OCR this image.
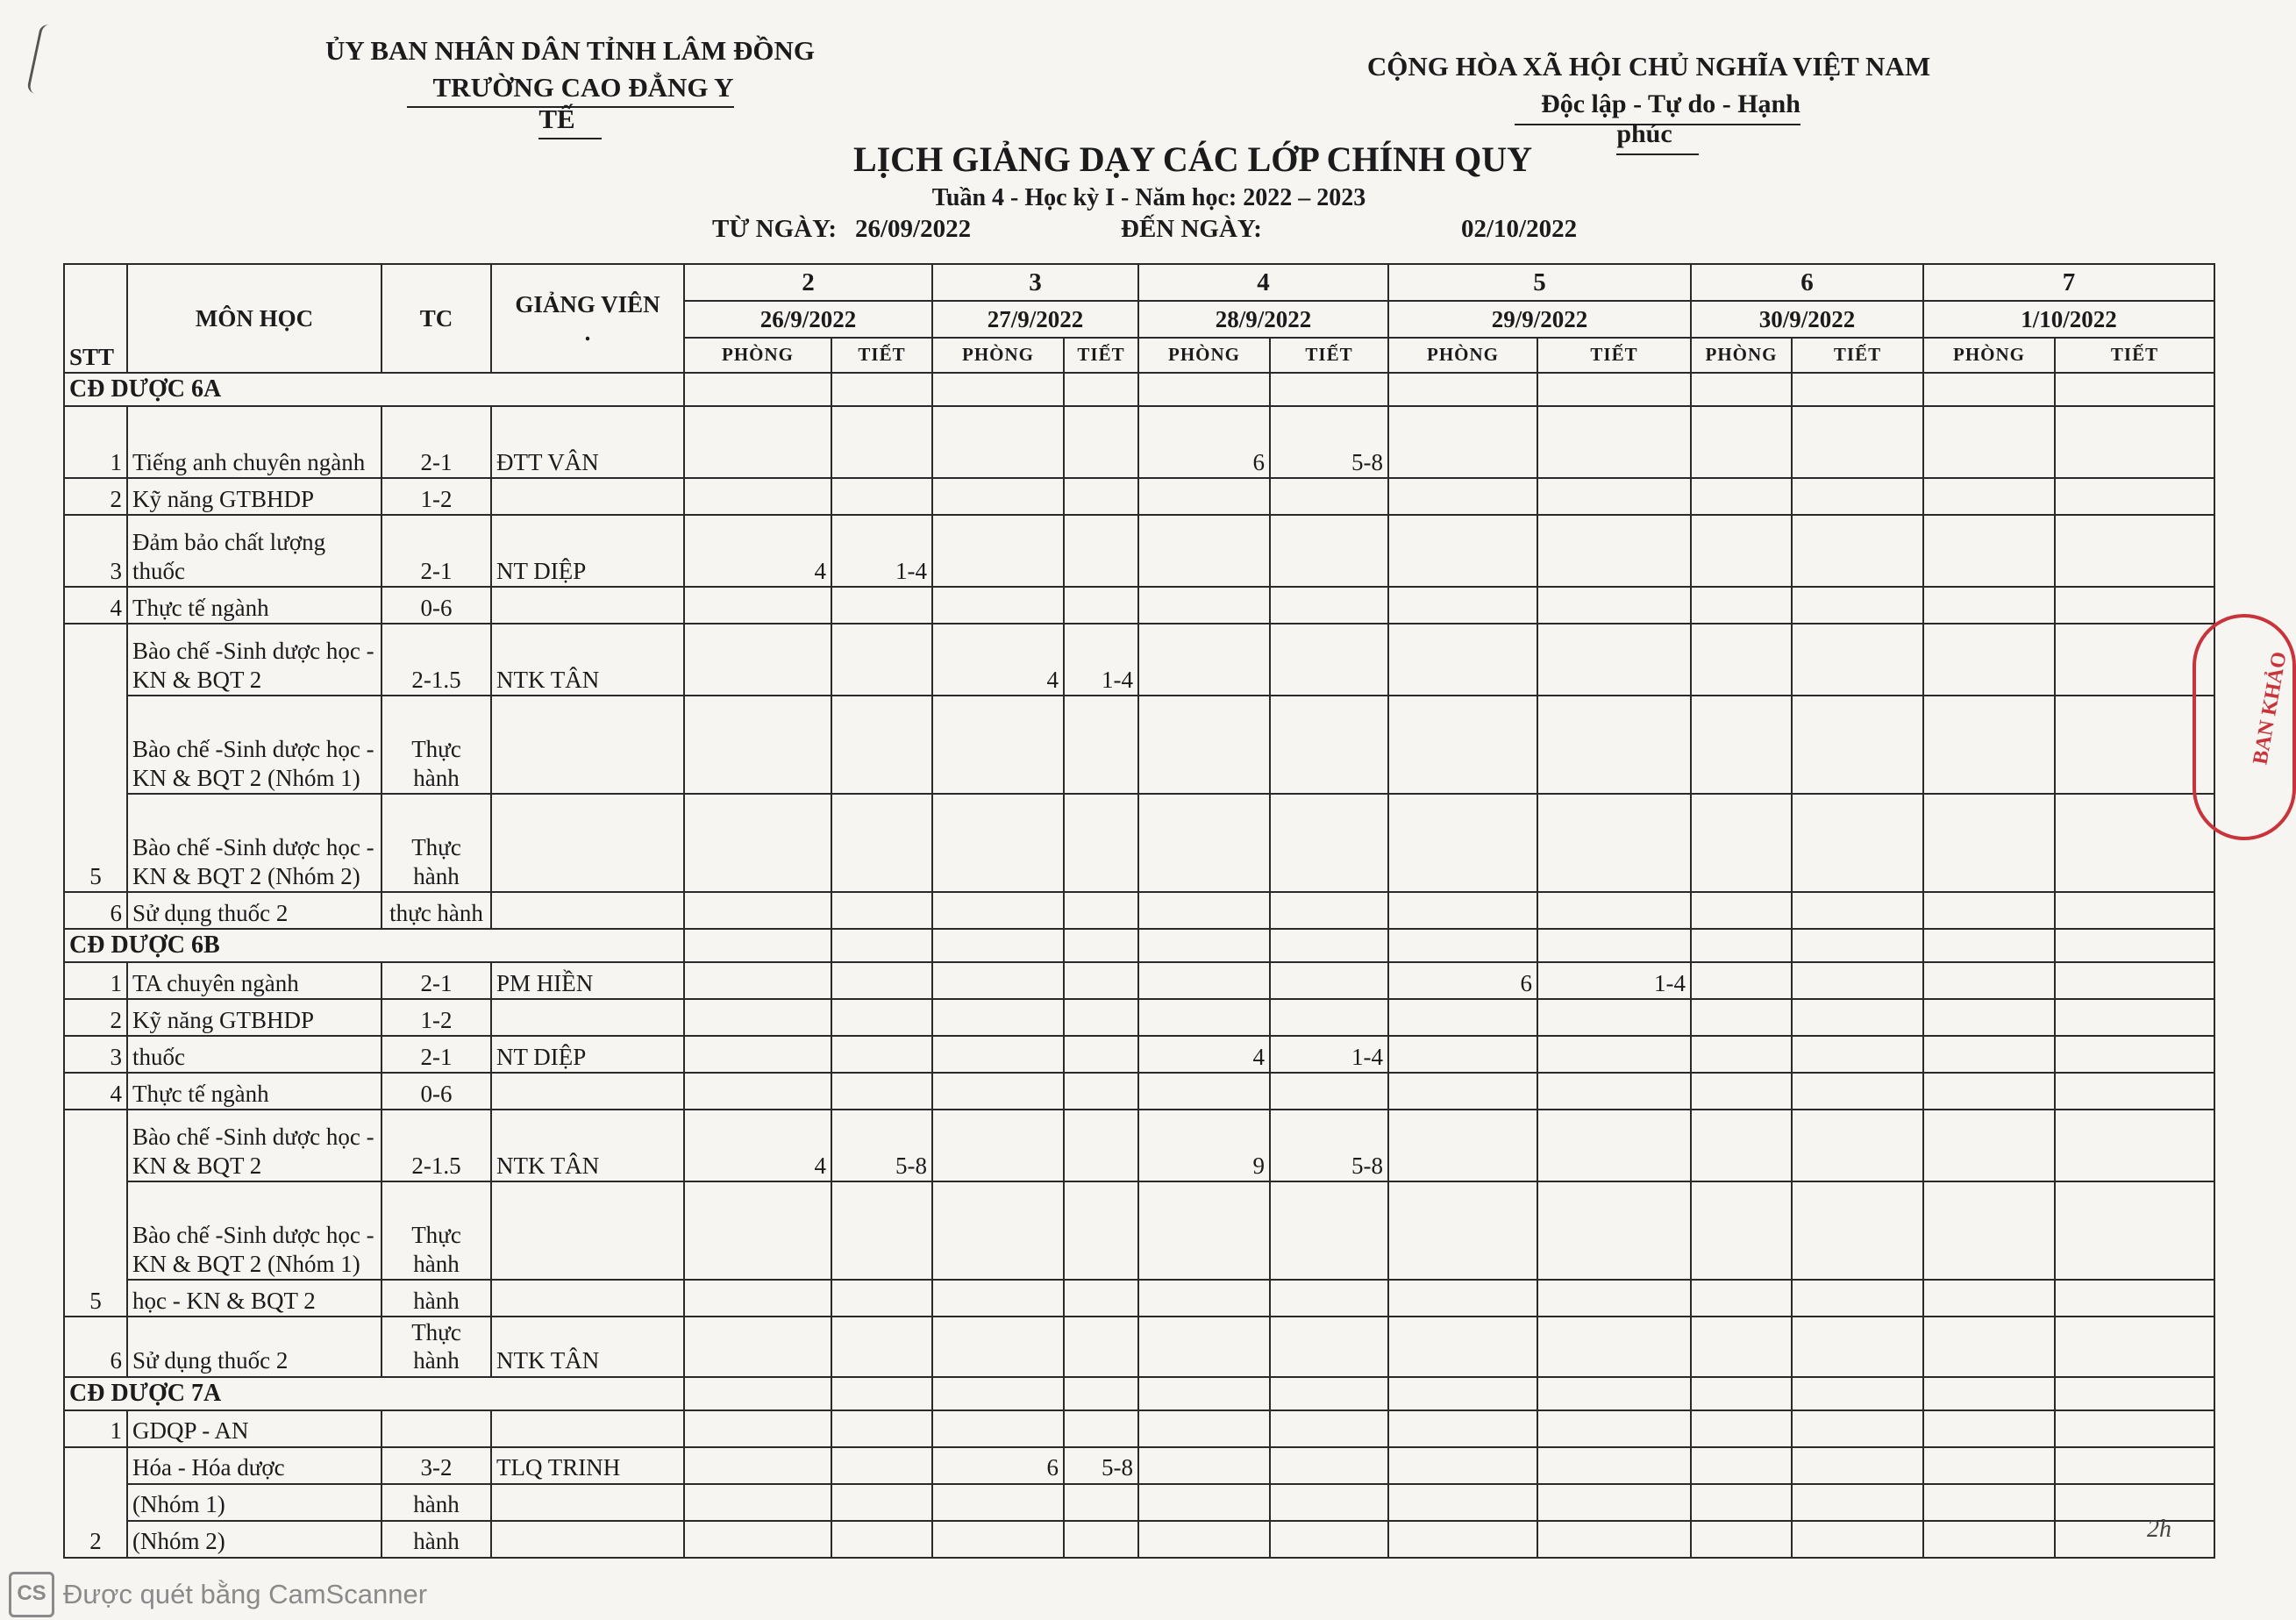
ỦY BAN NHÂN DÂN TỈNH LÂM ĐỒNG
TRƯỜNG CAO ĐẲNG Y TẾ
CỘNG HÒA XÃ HỘI CHỦ NGHĨA VIỆT NAM
Độc lập - Tự do - Hạnh phúc
LỊCH GIẢNG DẠY CÁC LỚP CHÍNH QUY
Tuần 4 - Học kỳ I - Năm học: 2022 – 2023
TỪ NGÀY: 26/09/2022	ĐẾN NGÀY:	02/10/2022
STT	MÔN HỌC	TC	GIẢNG VIÊN
.	2		3		4		5		6		7	
				26/9/2022		27/9/2022		28/9/2022		29/9/2022		30/9/2022		1/10/2022	
				PHÒNG	TIẾT	PHÒNG	TIẾT	PHÒNG	TIẾT	PHÒNG	TIẾT	PHÒNG	TIẾT	PHÒNG	TIẾT
CĐ DƯỢC 6A															
1	Tiếng anh chuyên ngành	2-1	ĐTT VÂN					6	5-8						
2	Kỹ năng GTBHDP	1-2													
3	Đảm bảo chất lượng thuốc	2-1	NT DIỆP	4	1-4										
4	Thực tế ngành	0-6													
5	Bào chế -Sinh dược học - KN & BQT 2	2-1.5	NTK TÂN			4	1-4								
	Bào chế -Sinh dược học - KN & BQT 2 (Nhóm 1)	Thực hành													
	Bào chế -Sinh dược học - KN & BQT 2 (Nhóm 2)	Thực hành													
6	Sử dụng thuốc 2	thực hành													
CĐ DƯỢC 6B															
1	TA chuyên ngành	2-1	PM HIỀN							6	1-4				
2	Kỹ năng GTBHDP	1-2													
3	thuốc	2-1	NT DIỆP					4	1-4						
4	Thực tế ngành	0-6													
5	Bào chế -Sinh dược học - KN & BQT 2	2-1.5	NTK TÂN	4	5-8			9	5-8						
	Bào chế -Sinh dược học - KN & BQT 2 (Nhóm 1)	Thực hành													
	học - KN & BQT 2	hành													
6	Sử dụng thuốc 2	Thực hành	NTK TÂN												
CĐ DƯỢC 7A															
1	GDQP - AN														
2	Hóa - Hóa dược	3-2	TLQ TRINH			6	5-8								
	(Nhóm 1)	hành													
	(Nhóm 2)	hành													
BAN KHẢO
2h
CS Được quét bằng CamScanner
